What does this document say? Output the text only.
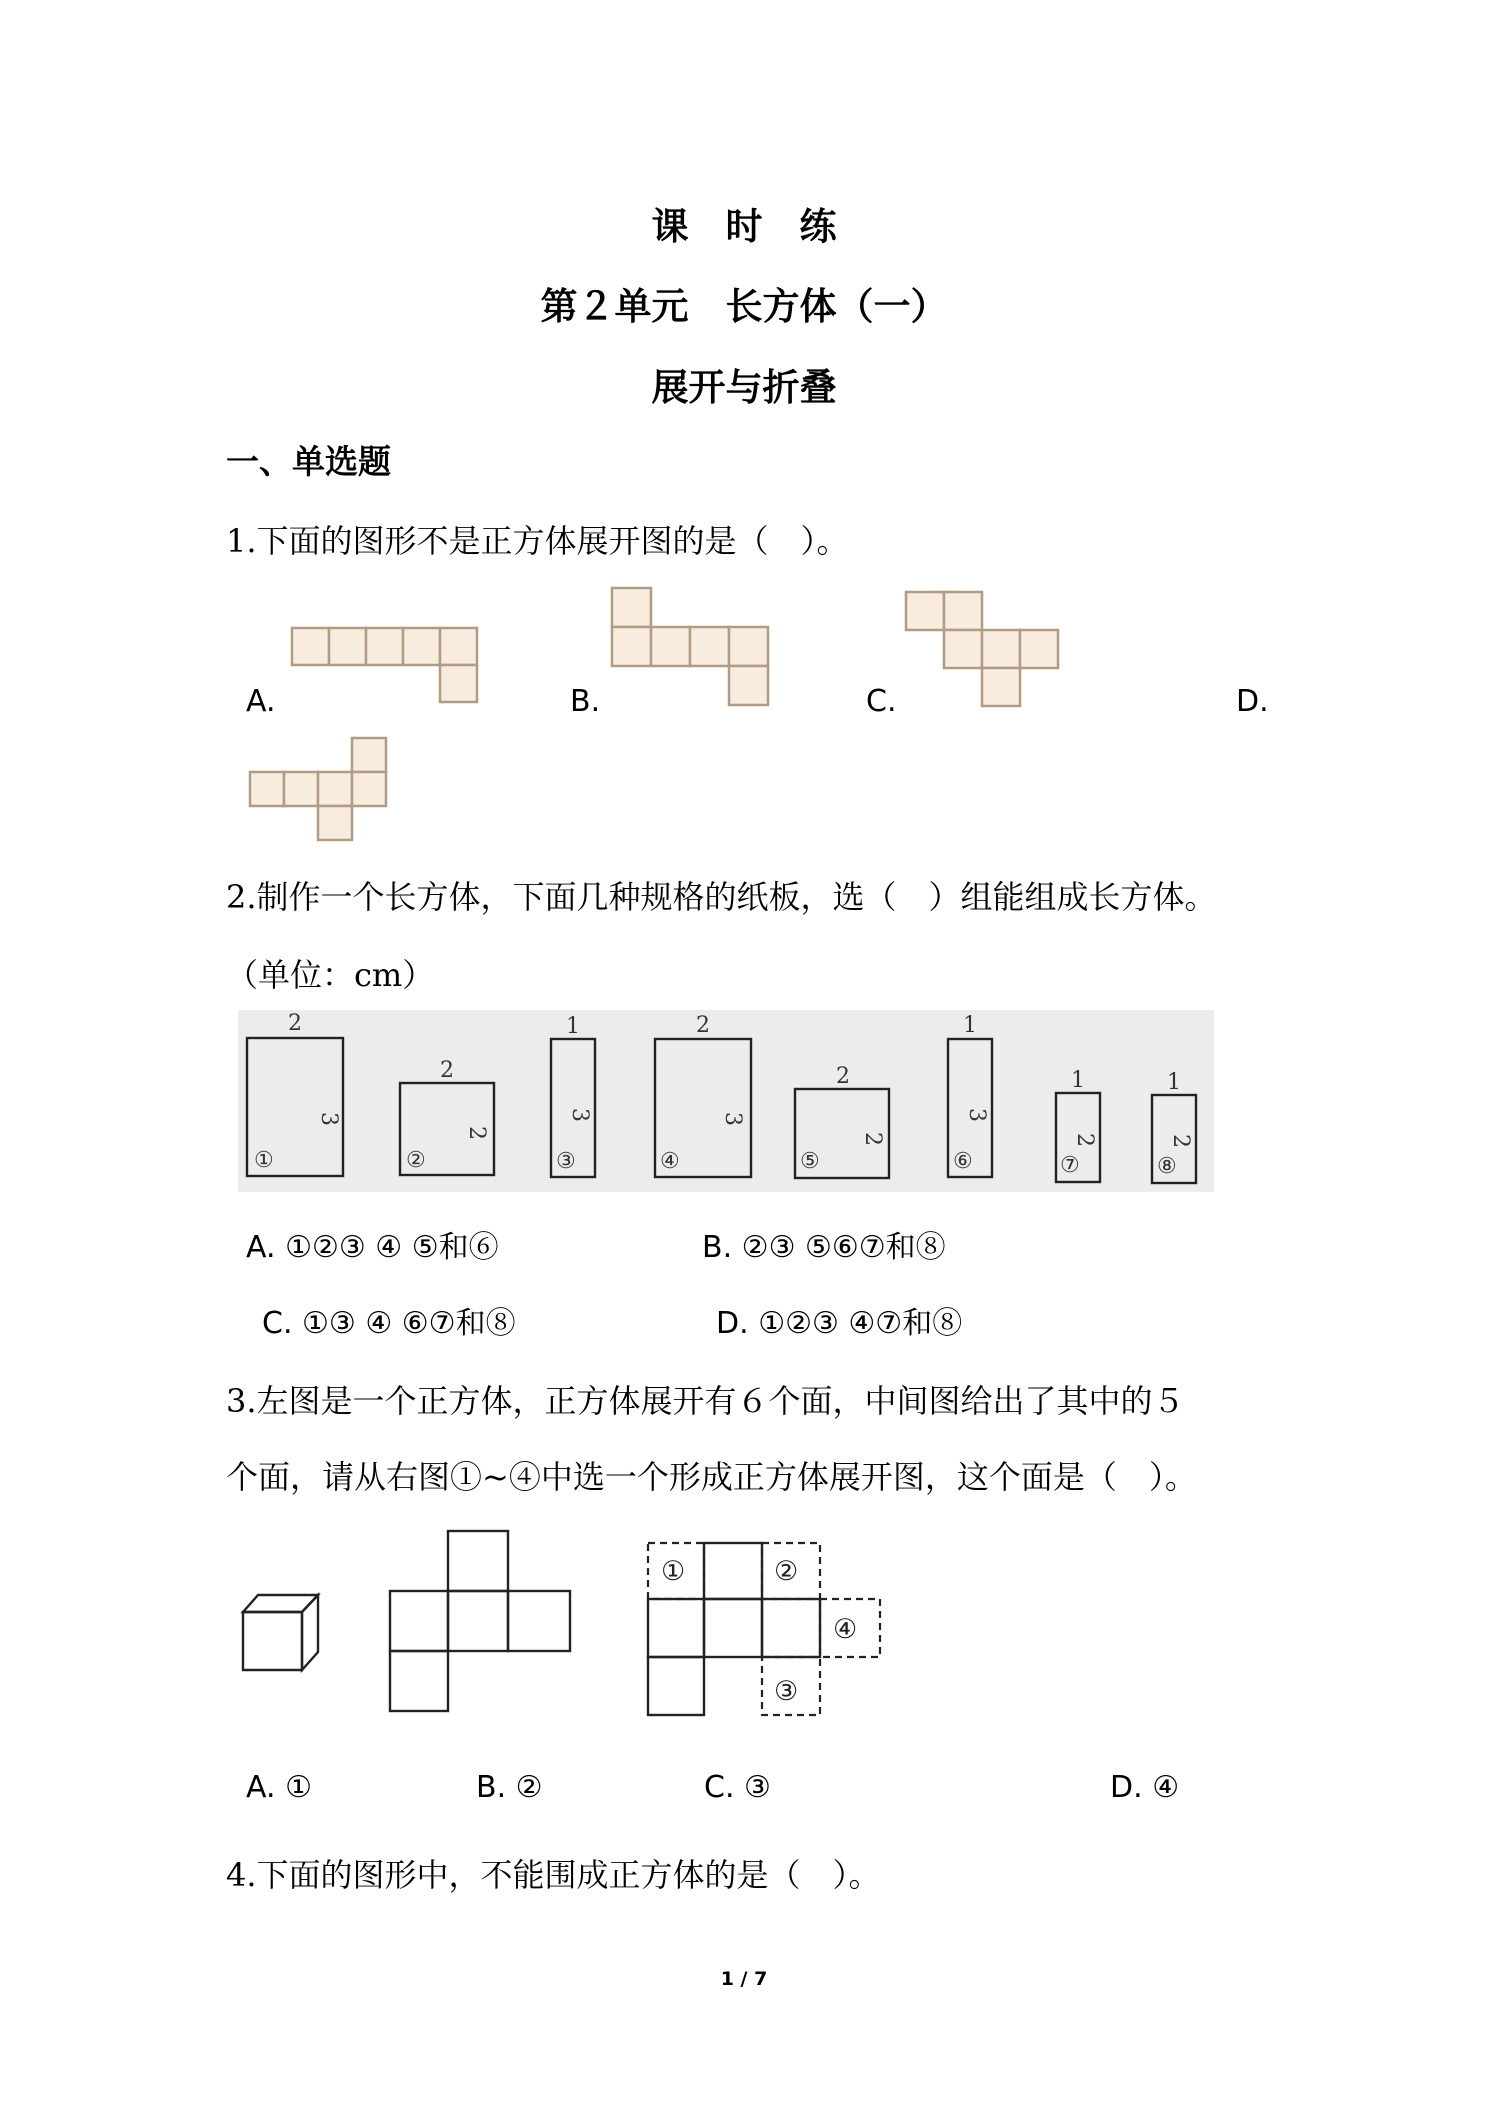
课　时　练
第２单元　长方体（一）
展开与折叠
一、单选题
1.下面的图形不是正方体展开图的是（　）。
A.	B.	C.	D.
2.制作一个长方体，下面几种规格的纸板，选（　）组能组成长方体。
（单位：cm）
2
3
①
2
2
②
1
3
③
2
3
④
2
2
⑤
1
3
⑥
1
2
⑦
1
2
⑧
A. ①②③ ④ ⑤和⑥	B. ②③ ⑤⑥⑦和⑧
C. ①③ ④ ⑥⑦和⑧	D. ①②③ ④⑦和⑧
3.左图是一个正方体，正方体展开有６个面，中间图给出了其中的５
个面，请从右图①~④中选一个形成正方体展开图，这个面是（　）。
①	②
④
③
A. ①	B. ②	C. ③	D. ④
4.下面的图形中，不能围成正方体的是（　）。
1 / 7
